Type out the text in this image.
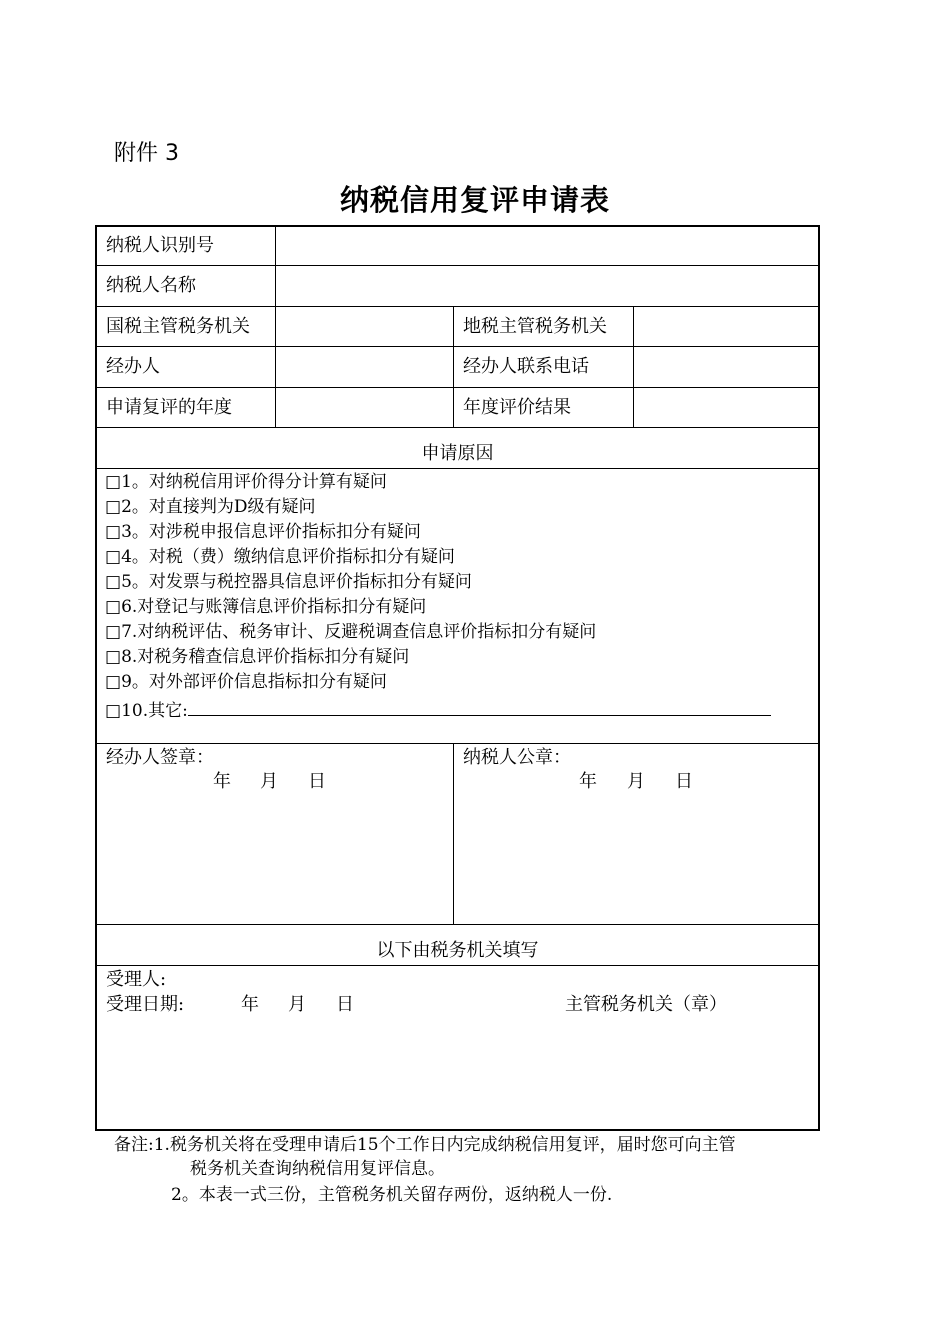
附件 3
纳税信用复评申请表
纳税人识别号
纳税人名称
国税主管税务机关	地税主管税务机关
经办人	经办人联系电话
申请复评的年度	年度评价结果
申请原因
□1。对纳税信用评价得分计算有疑问
□2。对直接判为D级有疑问
□3。对涉税申报信息评价指标扣分有疑问
□4。对税（费）缴纳信息评价指标扣分有疑问
□5。对发票与税控器具信息评价指标扣分有疑问
□6.对登记与账簿信息评价指标扣分有疑问
□7.对纳税评估、税务审计、反避税调查信息评价指标扣分有疑问
□8.对税务稽查信息评价指标扣分有疑问
□9。对外部评价信息指标扣分有疑问
□10.其它:
经办人签章：
年 月 日
纳税人公章：
年 月 日
以下由税务机关填写
受理人:
受理日期:	年 月 日	主管税务机关（章）
备注:1.税务机关将在受理申请后15个工作日内完成纳税信用复评，届时您可向主管
税务机关查询纳税信用复评信息。
2。本表一式三份，主管税务机关留存两份，返纳税人一份.
